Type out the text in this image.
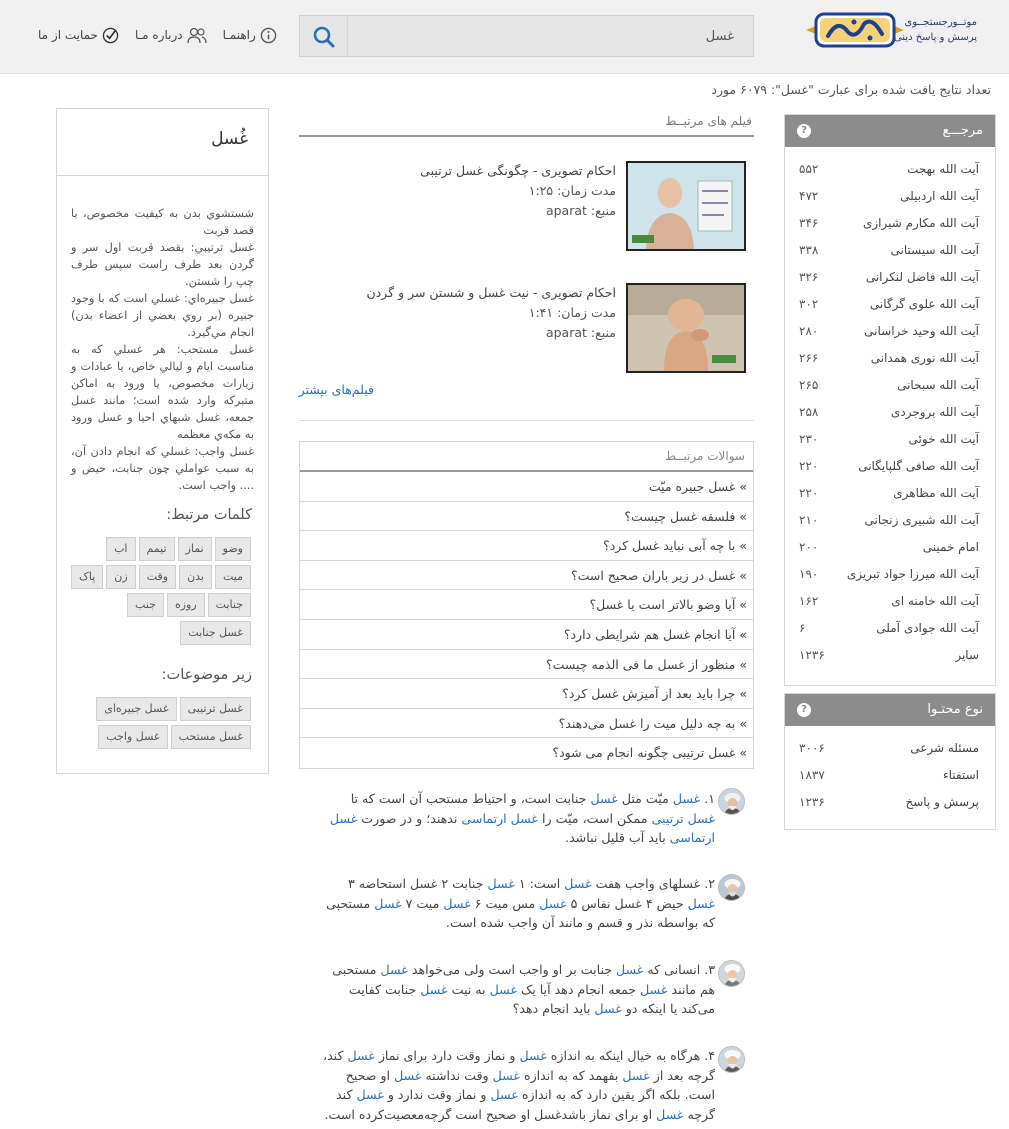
موتــورجستجــوی
پرسش و پاسخ دینی
غسل
راهنمـا
درباره مـا
حمایت از ما
تعداد نتایج یافت شده برای عبارت "غسل": ۶۰۷۹ مورد
غُسل
شستشوي بدن به كيفيت مخصوص، با قصد قربت
غسل ترتيبي: بقصد قربت اول سر و گردن بعد طرف راست سپس طرف چپ را شستن.
غسل جبيره‌اي: غسلي است كه با وجود جبيره (بر روي بعضي از اعضاء بدن) انجام مي‌گيرد.
غسل مستحب: هر غسلي كه به مناسبت ايام و ليالي خاص، يا عبادات و زيارات مخصوص، يا ورود به اماكن متبركه وارد شده است؛ مانند غسل جمعه، غسل شبهاي احيا و غسل ورود به مكه‌ي معظمه
غسل واجب: غسلي كه انجام دادن آن، به سبب عواملي چون جنابت، حيض و .... واجب است.
کلمات مرتبط:
وضو
نماز
تیمم
اب
میت
بدن
وقت
زن
پاک
جنابت
روزه
جنب
غسل جنابت
زیر موضوعات:
غسل ترتیبی
غسل جبیره‌ای
غسل مستحب
غسل واجب
فیلم های مرتبــط
احکام تصویری - چگونگی غسل ترتیبی
مدت زمان: ۱:۲۵
منبع: aparat
احکام تصویری - نیت غسل و شستن سر و گردن
مدت زمان: ۱:۴۱
منبع: aparat
فیلم‌های بیشتر
سوالات مرتبــط
» غسل جبیره میّت
» فلسفه غسل چیست؟
» با چه آبی نباید غسل کرد؟
» غسل در زیر باران صحیح است؟
» آیا وضو بالاتر است یا غسل؟
» آیا انجام غسل هم شرایطی دارد؟
» منظور از غسل ما فی الذمه چیست؟
» چرا باید بعد از آمیزش غسل کرد؟
» به چه دلیل میت را غسل می‌دهند؟
» غسل ترتیبی چگونه انجام می شود؟
۱. غسل میّت مثل غسل جنابت است، و احتیاط مستحب آن است که تا غسل ترتیبی ممکن است، میّت را غسل ارتماسی ندهند؛ و در صورت غسل ارتماسی باید آب قلیل نباشد.
۲. غسلهای واجب هفت غسل است: ۱ غسل جنابت ۲ غسل استحاضه ۳ غسل حیض ۴ غسل نفاس ۵ غسل مس میت ۶ غسل میت ۷ غسل مستحبی که بواسطه نذر و قسم و مانند آن واجب شده است.
۳. انسانی که غسل جنابت بر او واجب است ولی می‌خواهد غسل مستحبی هم مانند غسل جمعه انجام دهد آیا یک غسل به نیت غسل جنابت کفایت می‌کند یا اینکه دو غسل باید انجام دهد؟
۴. هرگاه به خیال اینکه به اندازه غسل و نماز وقت دارد برای نماز غسل کند، گرچه بعد از غسل بفهمد که به اندازه غسل وقت نداشته غسل او صحیح است. بلکه اگر یقین دارد که به اندازه غسل و نماز وقت ندارد و غسل کند گرچه غسل او برای نماز باشدغسل او صحیح است گرچه‌معصیت‌کرده است.
مرجـــع
?
آیت الله بهجت
۵۵۲
آیت الله اردبیلی
۴۷۲
آیت الله مکارم شیرازی
۳۴۶
آیت الله سیستانی
۳۳۸
آیت الله فاضل لنکرانی
۳۲۶
آیت الله علوی گرگانی
۳۰۲
آیت الله وحید خراسانی
۲۸۰
آیت الله نوری همدانی
۲۶۶
آیت الله سبحانی
۲۶۵
آیت الله بروجردی
۲۵۸
آیت الله خوئی
۲۳۰
آیت الله صافی گلپایگانی
۲۲۰
آیت الله مظاهری
۲۲۰
آیت الله شبیری زنجانی
۲۱۰
امام خمینی
۲۰۰
آیت الله میرزا جواد تبریزی
۱۹۰
آیت الله خامنه ای
۱۶۲
آیت الله جوادی آملی
۶
سایر
۱۲۳۶
نوع محتـوا
?
مسئله شرعی
۳۰۰۶
استفتاء
۱۸۳۷
پرسش و پاسخ
۱۲۳۶
